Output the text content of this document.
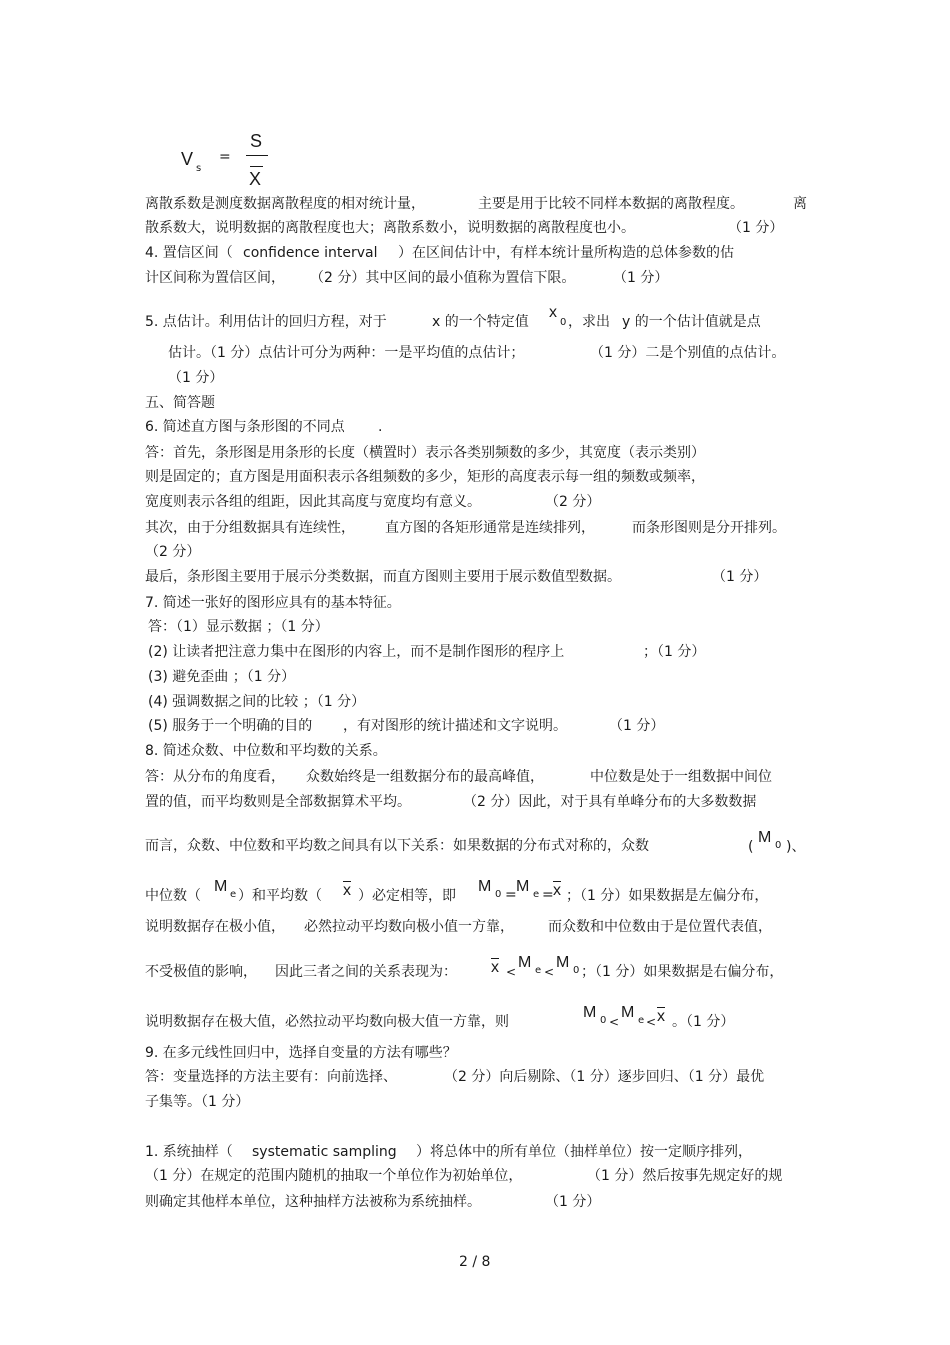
V s
=
S
X
离散系数是测度数据离散程度的相对统计量，	主要是用于比较不同样本数据的离散程度。	离
散系数大，说明数据的离散程度也大；离散系数小，说明数据的离散程度也小。	（1 分）
4. 置信区间（ confidence interval ）在区间估计中，有样本统计量所构造的总体参数的估
计区间称为置信区间， （2 分）其中区间的最小值称为置信下限。	（1 分）
5. 点估计。利用估计的回归方程，对于	x 的一个特定值
x
0 ，求出 y 的一个估计值就是点
估计。（1 分）点估计可分为两种：一是平均值的点估计；	（1 分）二是个别值的点估计。
（1 分）
五、简答题
6. 简述直方图与条形图的不同点 .
答：首先，条形图是用条形的长度（横置时）表示各类别频数的多少，其宽度（表示类别）
则是固定的；直方图是用面积表示各组频数的多少，矩形的高度表示每一组的频数或频率，
宽度则表示各组的组距，因此其高度与宽度均有意义。	（2 分）
其次，由于分组数据具有连续性， 直方图的各矩形通常是连续排列，	而条形图则是分开排列。
（2 分）
最后，条形图主要用于展示分类数据，而直方图则主要用于展示数值型数据。	（1 分）
7. 简述一张好的图形应具有的基本特征。
答：（1）显示数据 ；（1 分）
(2) 让读者把注意力集中在图形的内容上，而不是制作图形的程序上	；（1 分）
(3) 避免歪曲 ；（1 分）
(4) 强调数据之间的比较 ；（1 分）
(5) 服务于一个明确的目的 ，有对图形的统计描述和文字说明。	（1 分）
8. 简述众数、中位数和平均数的关系。
答：从分布的角度看， 众数始终是一组数据分布的最高峰值，	中位数是处于一组数据中间位
置的值，而平均数则是全部数据算术平均。	（2 分）因此，对于具有单峰分布的大多数数据
而言，众数、中位数和平均数之间具有以下关系：如果数据的分布式对称的，众数	(
M 0 )、
中位数（
M e ）和平均数（ $\overline{x}$ ）必定相等，即
M 0 = M $e = \overline{x}$ ；（1 分）如果数据是左偏分布，
说明数据存在极小值， 必然拉动平均数向极小值一方靠， 而众数和中位数由于是位置代表值，
不受极值的影响， 因此三者之间的关系表现为： $\overline{x}$ <
M e <
M 0 ；（1 分）如果数据是右偏分布，
说明数据存在极大值，必然拉动平均数向极大值一方靠，则
M 0 <
M $e < \overline{x}$ 。（1 分）
9. 在多元线性回归中，选择自变量的方法有哪些？
答：变量选择的方法主要有：向前选择、	（2 分）向后剔除、（1 分）逐步回归、（1 分）最优
子集等。（1 分）
1. 系统抽样（ systematic sampling ）将总体中的所有单位（抽样单位）按一定顺序排列，
（1 分）在规定的范围内随机的抽取一个单位作为初始单位，	（1 分）然后按事先规定好的规
则确定其他样本单位，这种抽样方法被称为系统抽样。	（1 分）
2 / 8
